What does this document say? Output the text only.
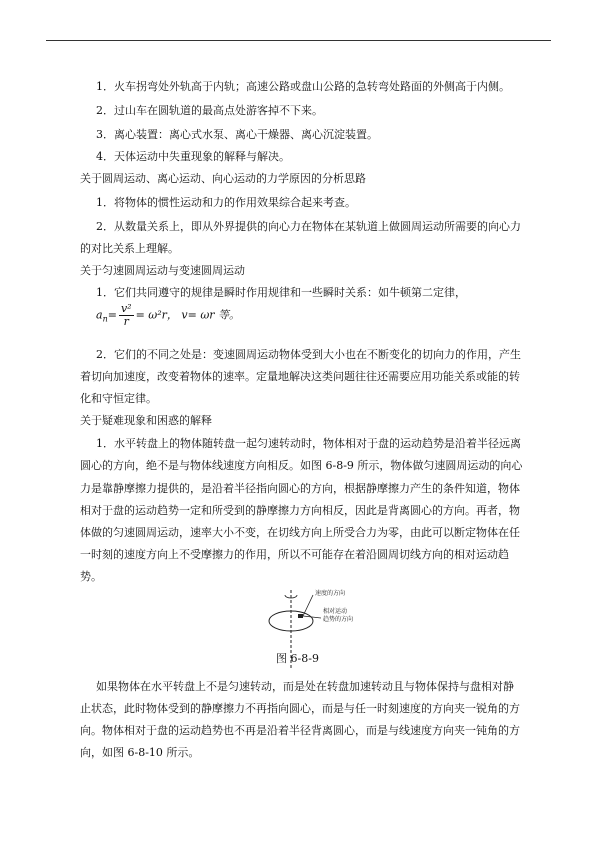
1．火车拐弯处外轨高于内轨；高速公路或盘山公路的急转弯处路面的外侧高于内侧。
2．过山车在圆轨道的最高点处游客掉不下来。
3．离心装置：离心式水泵、离心干燥器、离心沉淀装置。
4．天体运动中失重现象的解释与解决。
关于圆周运动、离心运动、向心运动的力学原因的分析思路
1．将物体的惯性运动和力的作用效果综合起来考查。
2．从数量关系上，即从外界提供的向心力在物体在某轨道上做圆周运动所需要的向心力
的对比关系上理解。
关于匀速圆周运动与变速圆周运动
1．它们共同遵守的规律是瞬时作用规律和一些瞬时关系：如牛顿第二定律，
$a_n= \frac{\text{v²}}{r} = \omega^2r$， v= ωr 等。
2．它们的不同之处是：变速圆周运动物体受到大小也在不断变化的切向力的作用，产生
着切向加速度，改变着物体的速率。定量地解决这类问题往往还需要应用功能关系或能的转
化和守恒定律。
关于疑难现象和困惑的解释
1．水平转盘上的物体随转盘一起匀速转动时，物体相对于盘的运动趋势是沿着半径远离
圆心的方向，绝不是与物体线速度方向相反。如图 6-8-9 所示，物体做匀速圆周运动的向心
力是靠静摩擦力提供的，是沿着半径指向圆心的方向，根据静摩擦力产生的条件知道，物体
相对于盘的运动趋势一定和所受到的静摩擦力方向相反，因此是背离圆心的方向。再者，物
体做的匀速圆周运动，速率大小不变，在切线方向上所受合力为零，由此可以断定物体在任
一时刻的速度方向上不受摩擦力的作用，所以不可能存在着沿圆周切线方向的相对运动趋
势。
速度的方向
相对运动
趋势的方向
图 6-8-9
如果物体在水平转盘上不是匀速转动，而是处在转盘加速转动且与物体保持与盘相对静
止状态，此时物体受到的静摩擦力不再指向圆心，而是与任一时刻速度的方向夹一锐角的方
向。物体相对于盘的运动趋势也不再是沿着半径背离圆心，而是与线速度方向夹一钝角的方
向，如图 6-8-10 所示。
